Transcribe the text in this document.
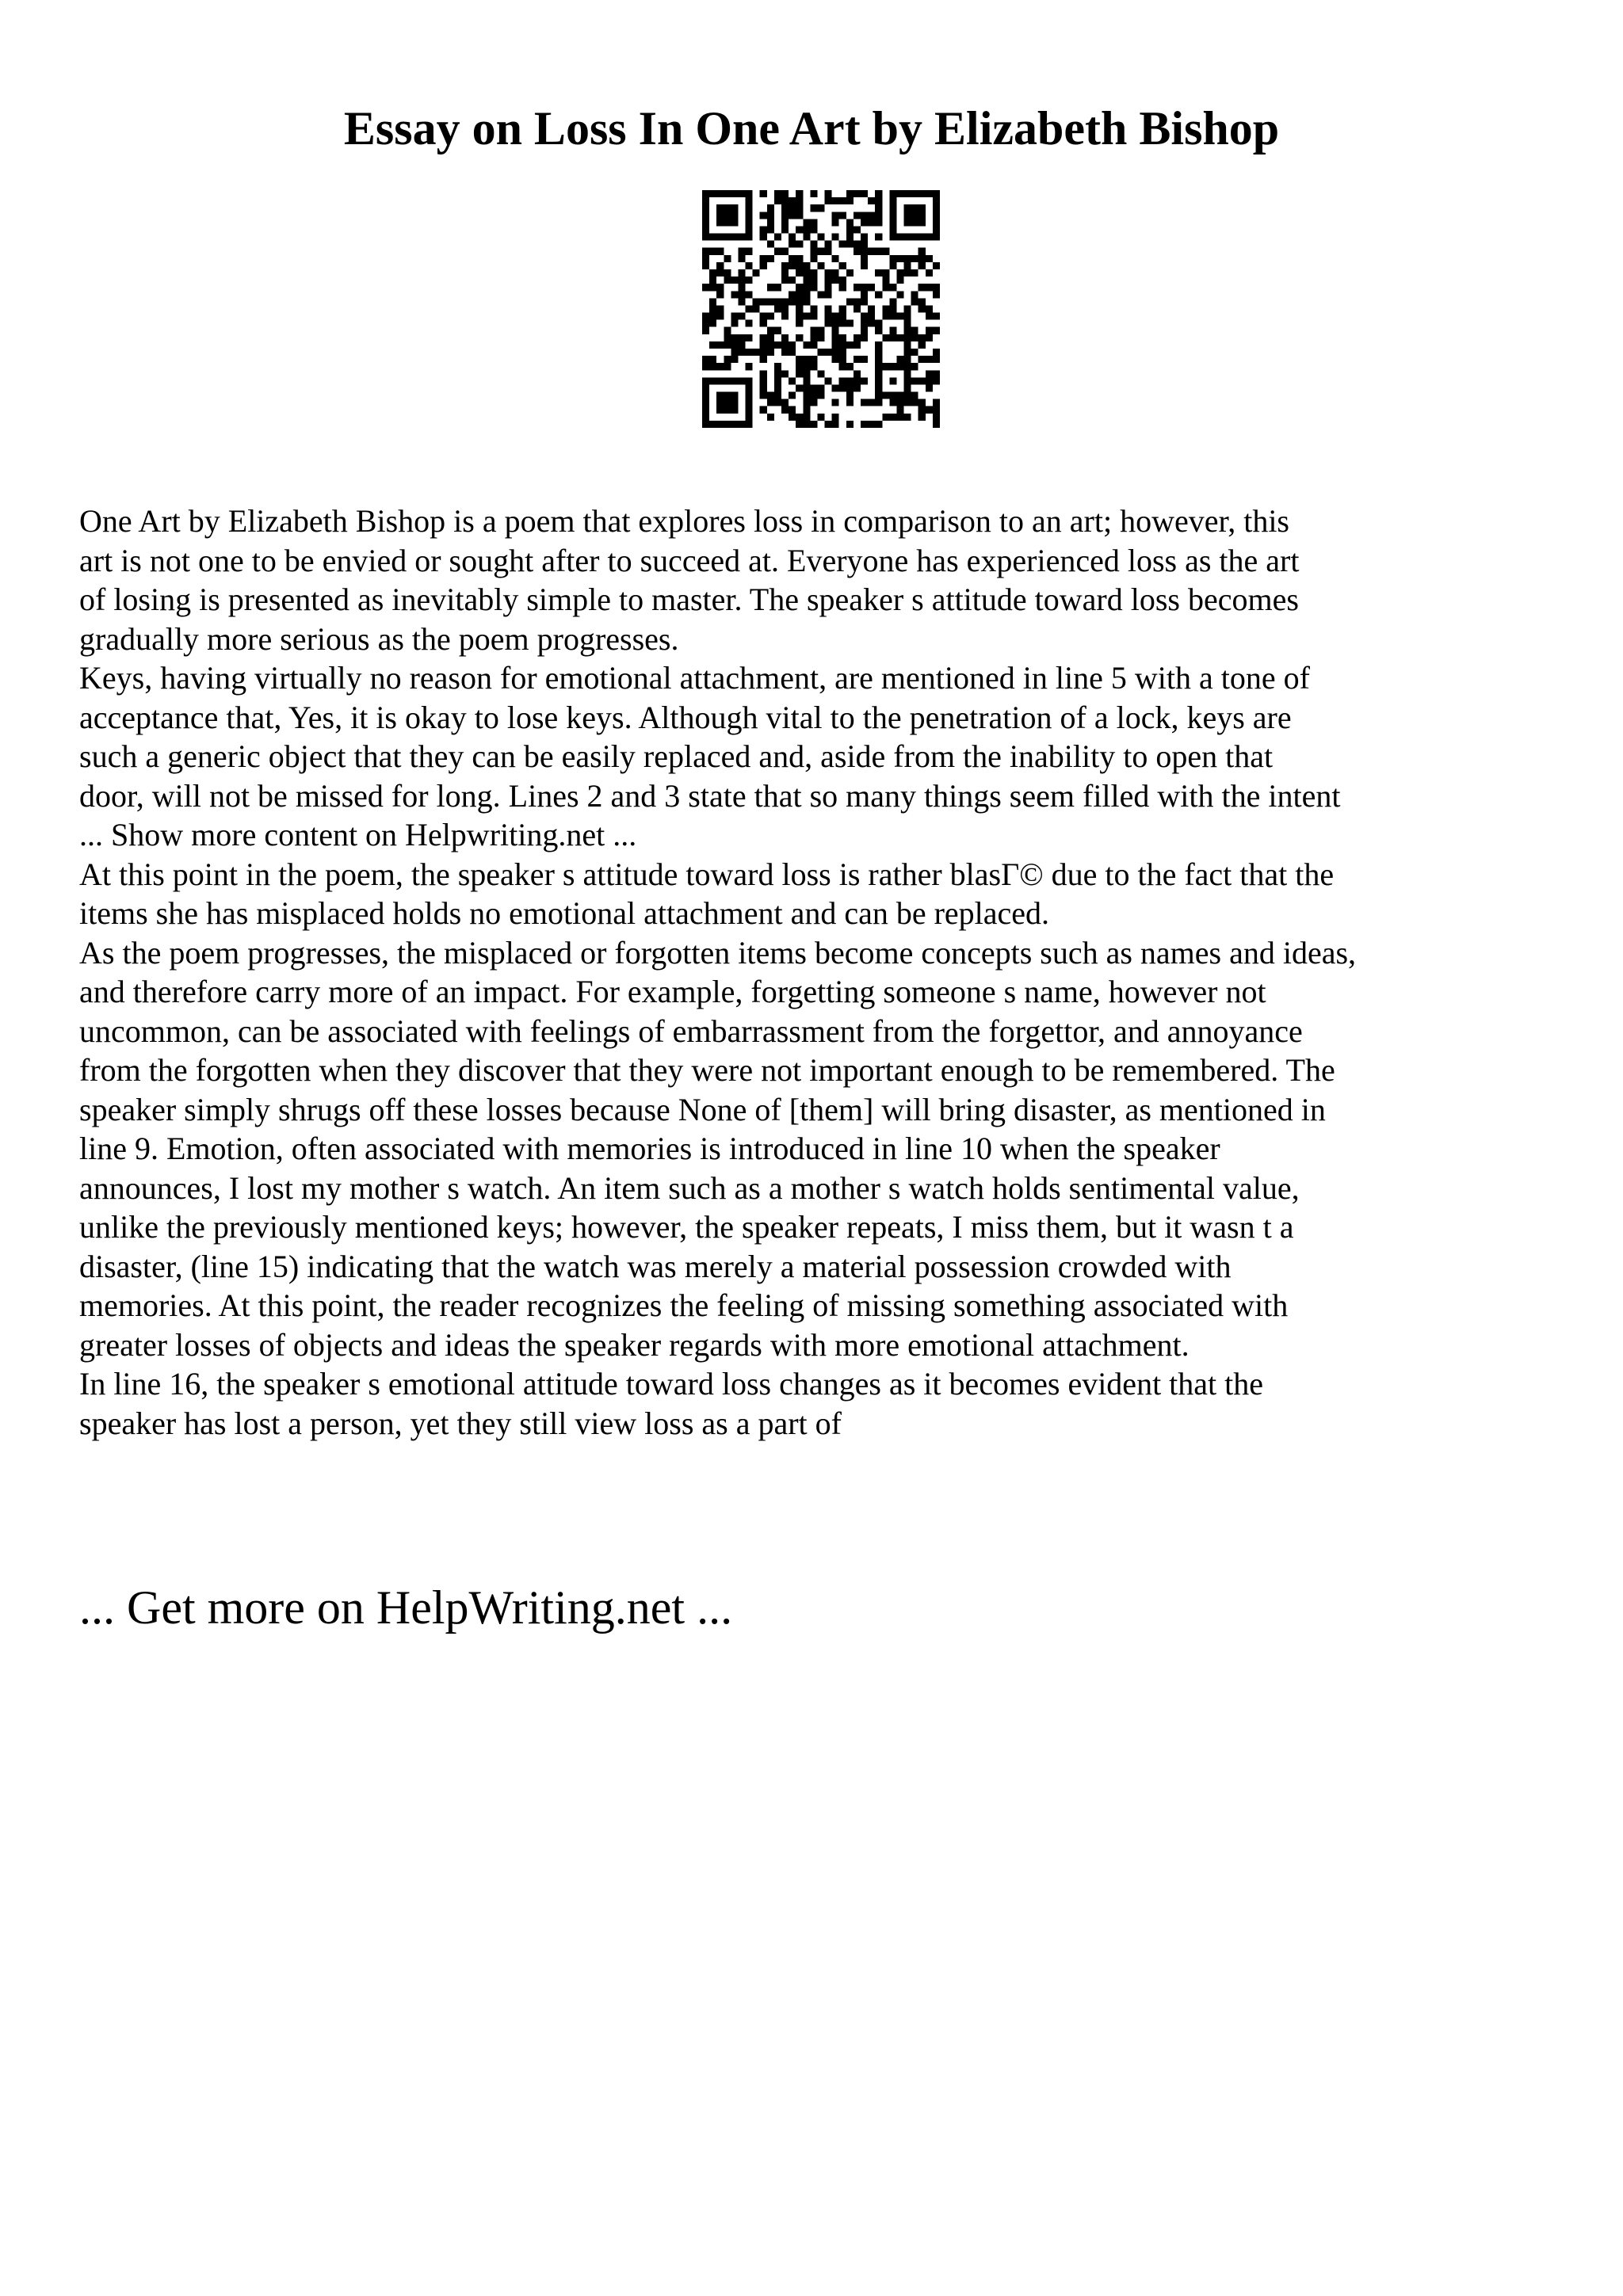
Essay on Loss In One Art by Elizabeth Bishop

One Art by Elizabeth Bishop is a poem that explores loss in comparison to an art; however, this
art is not one to be envied or sought after to succeed at. Everyone has experienced loss as the art
of losing is presented as inevitably simple to master. The speaker s attitude toward loss becomes
gradually more serious as the poem progresses.

Keys, having virtually no reason for emotional attachment, are mentioned in line 5 with a tone of
acceptance that, Yes, it is okay to lose keys. Although vital to the penetration of a lock, keys are
such a generic object that they can be easily replaced and, aside from the inability to open that
door, will not be missed for long. Lines 2 and 3 state that so many things seem filled with the intent

... Show more content on Helpwriting.net ...

At this point in the poem, the speaker s attitude toward loss is rather blasГ© due to the fact that the
items she has misplaced holds no emotional attachment and can be replaced.

As the poem progresses, the misplaced or forgotten items become concepts such as names and ideas,
and therefore carry more of an impact. For example, forgetting someone s name, however not
uncommon, can be associated with feelings of embarrassment from the forgettor, and annoyance
from the forgotten when they discover that they were not important enough to be remembered. The
speaker simply shrugs off these losses because None of [them] will bring disaster, as mentioned in
line 9. Emotion, often associated with memories is introduced in line 10 when the speaker
announces, I lost my mother s watch. An item such as a mother s watch holds sentimental value,
unlike the previously mentioned keys; however, the speaker repeats, I miss them, but it wasn t a
disaster, (line 15) indicating that the watch was merely a material possession crowded with
memories. At this point, the reader recognizes the feeling of missing something associated with
greater losses of objects and ideas the speaker regards with more emotional attachment.

In line 16, the speaker s emotional attitude toward loss changes as it becomes evident that the
speaker has lost a person, yet they still view loss as a part of

... Get more on HelpWriting.net ...
